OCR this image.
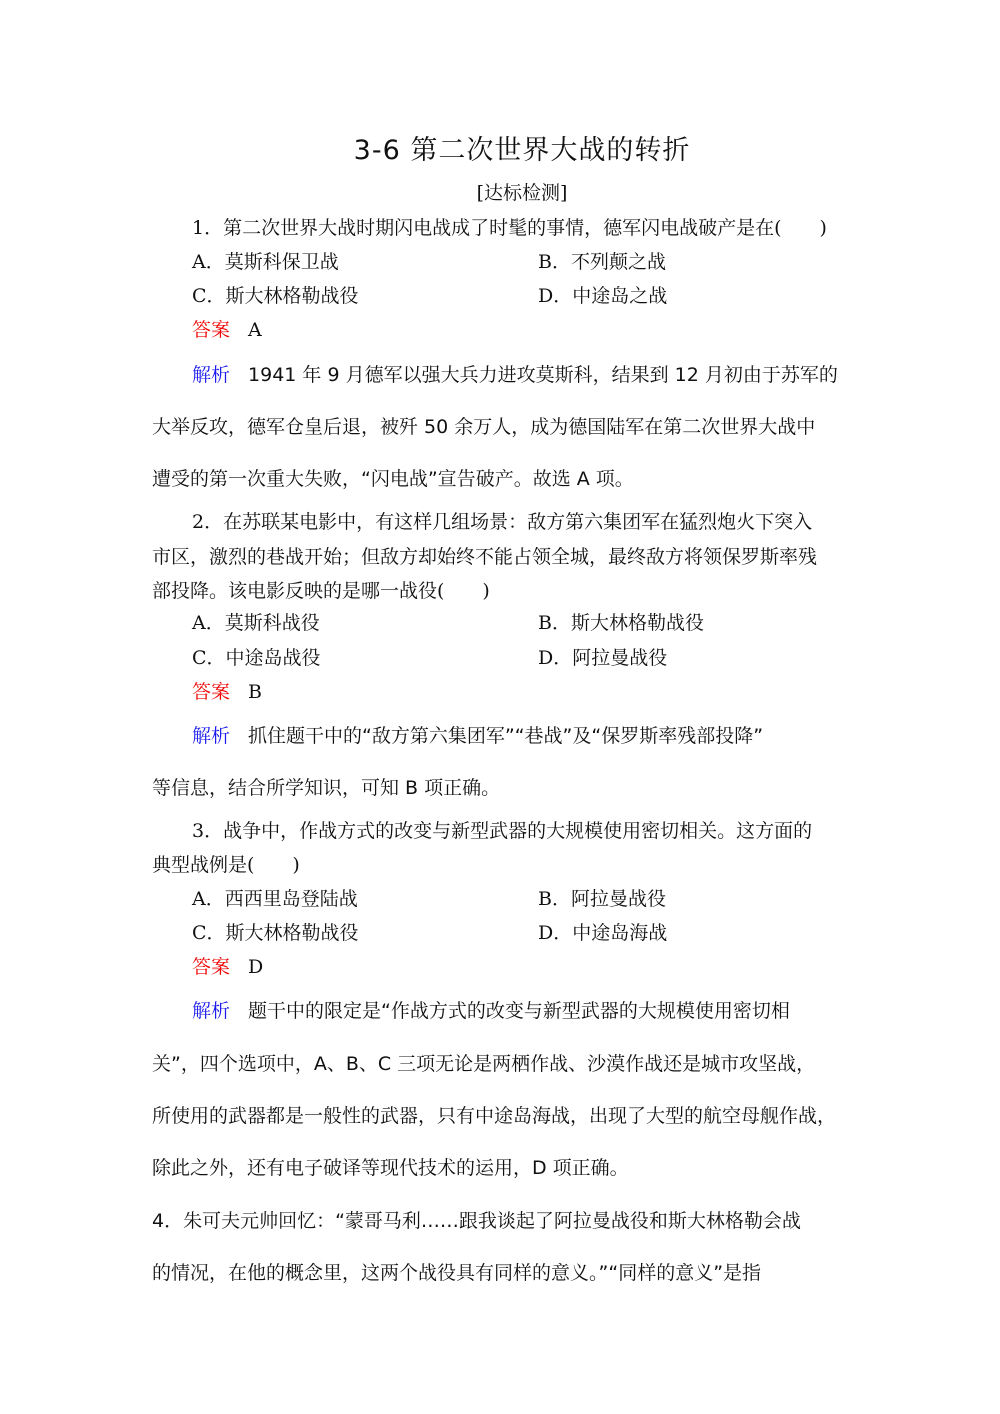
3-6 第二次世界大战的转折
[达标检测]
1．第二次世界大战时期闪电战成了时髦的事情，德军闪电战破产是在(　　)
A．莫斯科保卫战	B．不列颠之战
C．斯大林格勒战役	D．中途岛之战
答案 A
解析 1941 年 9 月德军以强大兵力进攻莫斯科，结果到 12 月初由于苏军的
大举反攻，德军仓皇后退，被歼 50 余万人，成为德国陆军在第二次世界大战中
遭受的第一次重大失败，“闪电战”宣告破产。故选 A 项。
2．在苏联某电影中，有这样几组场景：敌方第六集团军在猛烈炮火下突入
市区，激烈的巷战开始；但敌方却始终不能占领全城，最终敌方将领保罗斯率残
部投降。该电影反映的是哪一战役(　　)
A．莫斯科战役	B．斯大林格勒战役
C．中途岛战役	D．阿拉曼战役
答案 B
解析 抓住题干中的“敌方第六集团军”“巷战”及“保罗斯率残部投降”
等信息，结合所学知识，可知 B 项正确。
3．战争中，作战方式的改变与新型武器的大规模使用密切相关。这方面的
典型战例是(　　)
A．西西里岛登陆战	B．阿拉曼战役
C．斯大林格勒战役	D．中途岛海战
答案 D
解析 题干中的限定是“作战方式的改变与新型武器的大规模使用密切相
关”，四个选项中，A、B、C 三项无论是两栖作战、沙漠作战还是城市攻坚战，
所使用的武器都是一般性的武器，只有中途岛海战，出现了大型的航空母舰作战，
除此之外，还有电子破译等现代技术的运用，D 项正确。
4．朱可夫元帅回忆：“蒙哥马利……跟我谈起了阿拉曼战役和斯大林格勒会战
的情况，在他的概念里，这两个战役具有同样的意义。”“同样的意义”是指
